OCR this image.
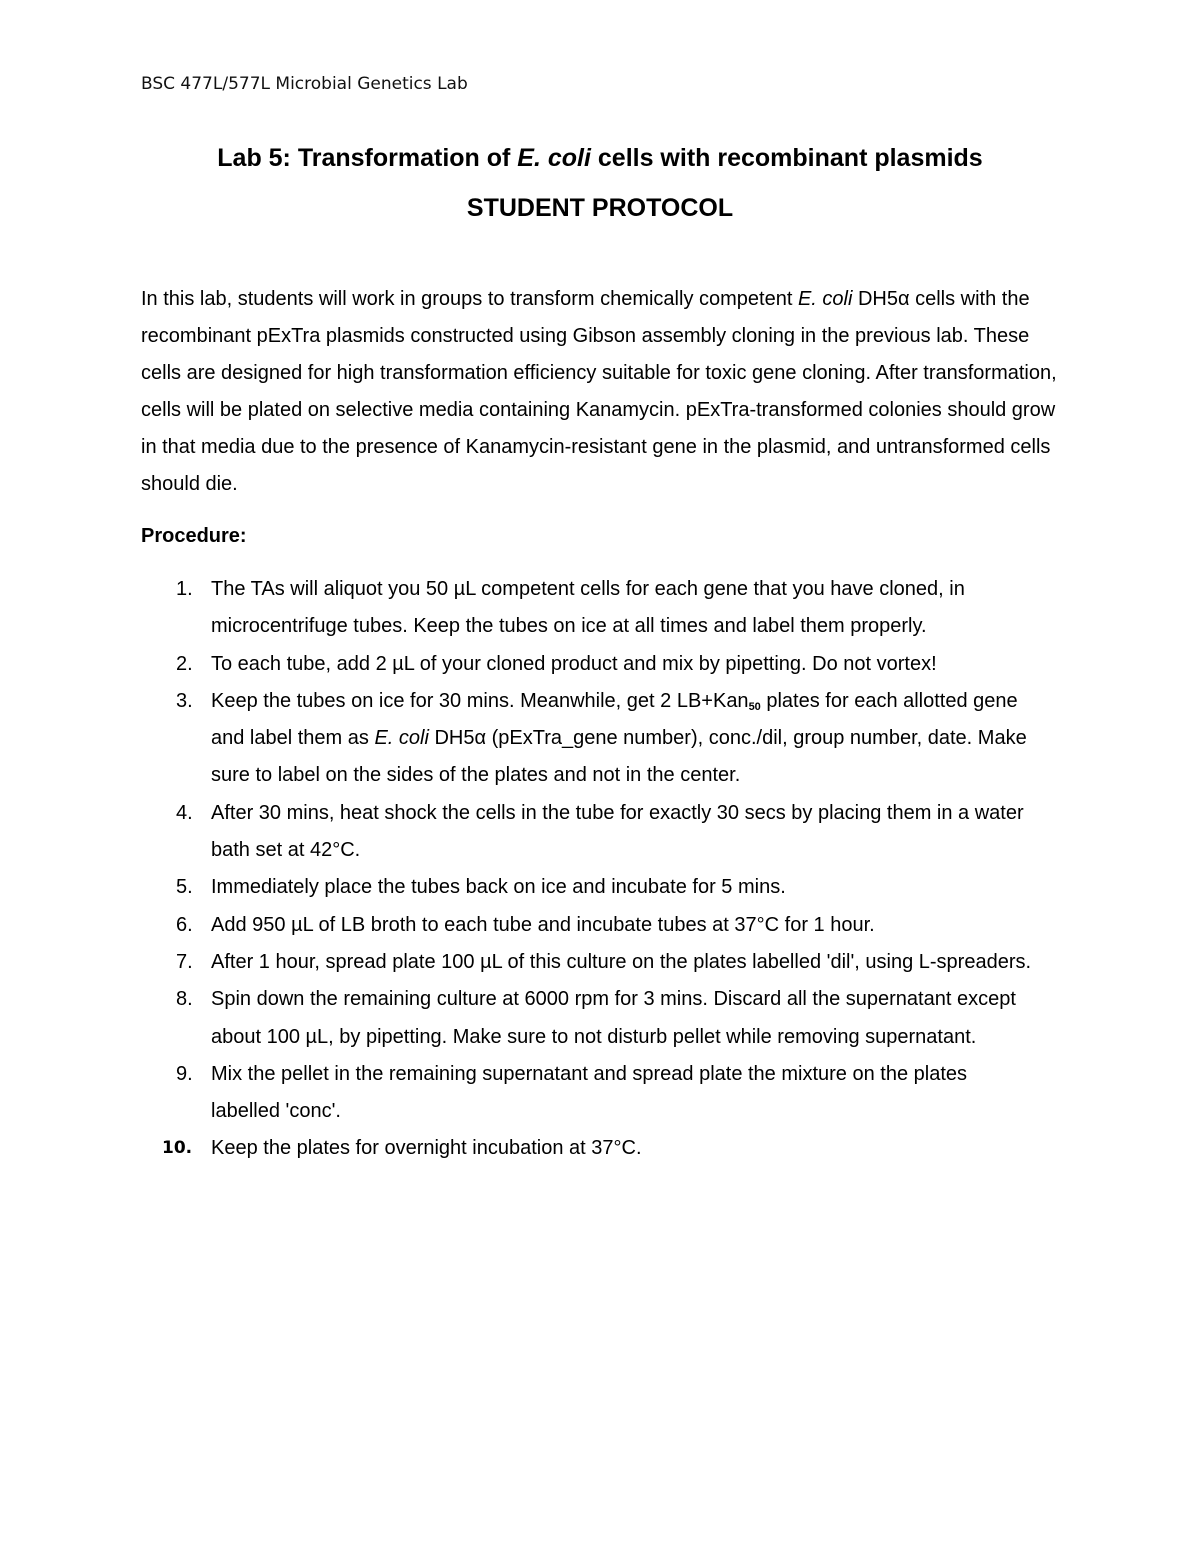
BSC 477L/577L Microbial Genetics Lab
Lab 5: Transformation of E. coli cells with recombinant plasmids
STUDENT PROTOCOL

In this lab, students will work in groups to transform chemically competent E. coli DH5α cells with the recombinant pExTra plasmids constructed using Gibson assembly cloning in the previous lab. These cells are designed for high transformation efficiency suitable for toxic gene cloning. After transformation, cells will be plated on selective media containing Kanamycin. pExTra-transformed colonies should grow in that media due to the presence of Kanamycin-resistant gene in the plasmid, and untransformed cells should die.

Procedure:
1. The TAs will aliquot you 50 µL competent cells for each gene that you have cloned, in microcentrifuge tubes. Keep the tubes on ice at all times and label them properly.
2. To each tube, add 2 µL of your cloned product and mix by pipetting. Do not vortex!
3. Keep the tubes on ice for 30 mins. Meanwhile, get 2 LB+Kan$_{50}$ plates for each allotted gene and label them as E. coli DH5α (pExTra_gene number), conc./dil, group number, date. Make sure to label on the sides of the plates and not in the center.
4. After 30 mins, heat shock the cells in the tube for exactly 30 secs by placing them in a water bath set at 42°C.
5. Immediately place the tubes back on ice and incubate for 5 mins.
6. Add 950 µL of LB broth to each tube and incubate tubes at 37°C for 1 hour.
7. After 1 hour, spread plate 100 µL of this culture on the plates labelled 'dil', using L-spreaders.
8. Spin down the remaining culture at 6000 rpm for 3 mins. Discard all the supernatant except about 100 µL, by pipetting. Make sure to not disturb pellet while removing supernatant.
9. Mix the pellet in the remaining supernatant and spread plate the mixture on the plates labelled 'conc'.
10. Keep the plates for overnight incubation at 37°C.
